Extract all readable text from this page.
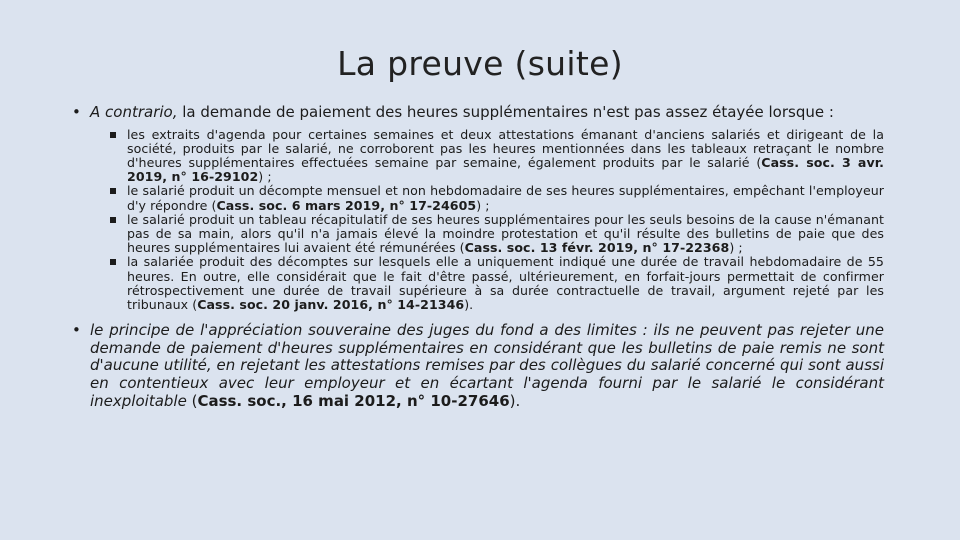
La preuve (suite)
• A contrario, la demande de paiement des heures supplémentaires n'est pas assez étayée lorsque :
les extraits d'agenda pour certaines semaines et deux attestations émanant d'anciens salariés et dirigeant de la société, produits par le salarié, ne corroborent pas les heures mentionnées dans les tableaux retraçant le nombre d'heures supplémentaires effectuées semaine par semaine, également produits par le salarié (Cass. soc. 3 avr. 2019, n° 16-29102) ;
le salarié produit un décompte mensuel et non hebdomadaire de ses heures supplémentaires, empêchant l'employeur d'y répondre (Cass. soc. 6 mars 2019, n° 17-24605) ;
le salarié produit un tableau récapitulatif de ses heures supplémentaires pour les seuls besoins de la cause n'émanant pas de sa main, alors qu'il n'a jamais élevé la moindre protestation et qu'il résulte des bulletins de paie que des heures supplémentaires lui avaient été rémunérées (Cass. soc. 13 févr. 2019, n° 17-22368) ;
la salariée produit des décomptes sur lesquels elle a uniquement indiqué une durée de travail hebdomadaire de 55 heures. En outre, elle considérait que le fait d'être passé, ultérieurement, en forfait-jours permettait de confirmer rétrospectivement une durée de travail supérieure à sa durée contractuelle de travail, argument rejeté par les tribunaux (Cass. soc. 20 janv. 2016, n° 14-21346).
• le principe de l'appréciation souveraine des juges du fond a des limites : ils ne peuvent pas rejeter une demande de paiement d'heures supplémentaires en considérant que les bulletins de paie remis ne sont d'aucune utilité, en rejetant les attestations remises par des collègues du salarié concerné qui sont aussi en contentieux avec leur employeur et en écartant l'agenda fourni par le salarié le considérant inexploitable (Cass. soc., 16 mai 2012, n° 10-27646).
